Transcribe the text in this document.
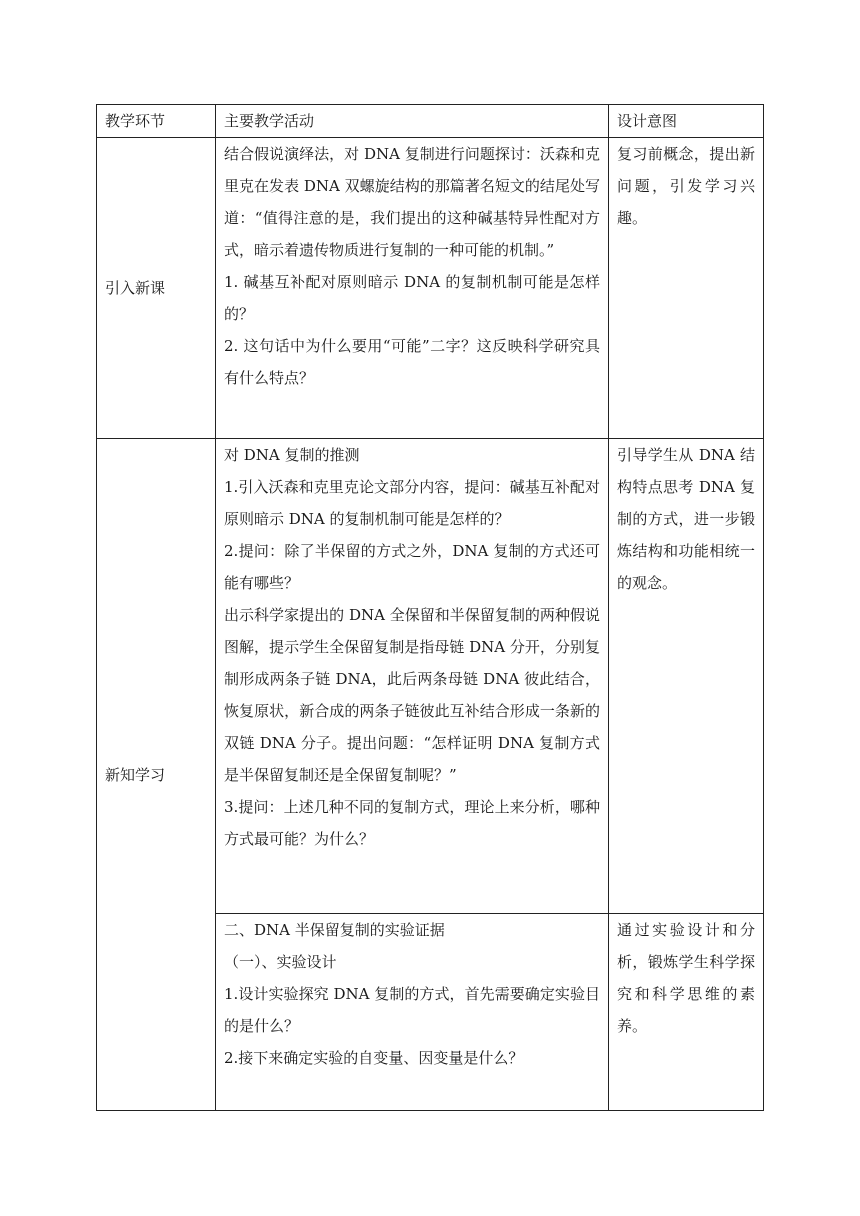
教学环节	主要教学活动	设计意图
引入新课	结合假说演绎法，对 DNA 复制进行问题探讨：沃森和克里克在发表 DNA 双螺旋结构的那篇著名短文的结尾处写道：“值得注意的是，我们提出的这种碱基特异性配对方式，暗示着遗传物质进行复制的一种可能的机制。”
1. 碱基互补配对原则暗示 DNA 的复制机制可能是怎样的？
2. 这句话中为什么要用“可能”二字？这反映科学研究具有什么特点？	复习前概念，提出新问题，引发学习兴趣。
新知学习	对 DNA 复制的推测
1.引入沃森和克里克论文部分内容，提问：碱基互补配对原则暗示 DNA 的复制机制可能是怎样的？
2.提问：除了半保留的方式之外，DNA 复制的方式还可能有哪些？
出示科学家提出的 DNA 全保留和半保留复制的两种假说图解，提示学生全保留复制是指母链 DNA 分开，分别复制形成两条子链 DNA，此后两条母链 DNA 彼此结合，恢复原状，新合成的两条子链彼此互补结合形成一条新的双链 DNA 分子。提出问题：“怎样证明 DNA 复制方式是半保留复制还是全保留复制呢？”
3.提问：上述几种不同的复制方式，理论上来分析，哪种方式最可能？为什么？	引导学生从 DNA 结构特点思考 DNA 复制的方式，进一步锻炼结构和功能相统一的观念。

	二、DNA 半保留复制的实验证据
（一）、实验设计
1.设计实验探究 DNA 复制的方式，首先需要确定实验目的是什么？
2.接下来确定实验的自变量、因变量是什么？	通过实验设计和分析，锻炼学生科学探究和科学思维的素养。
